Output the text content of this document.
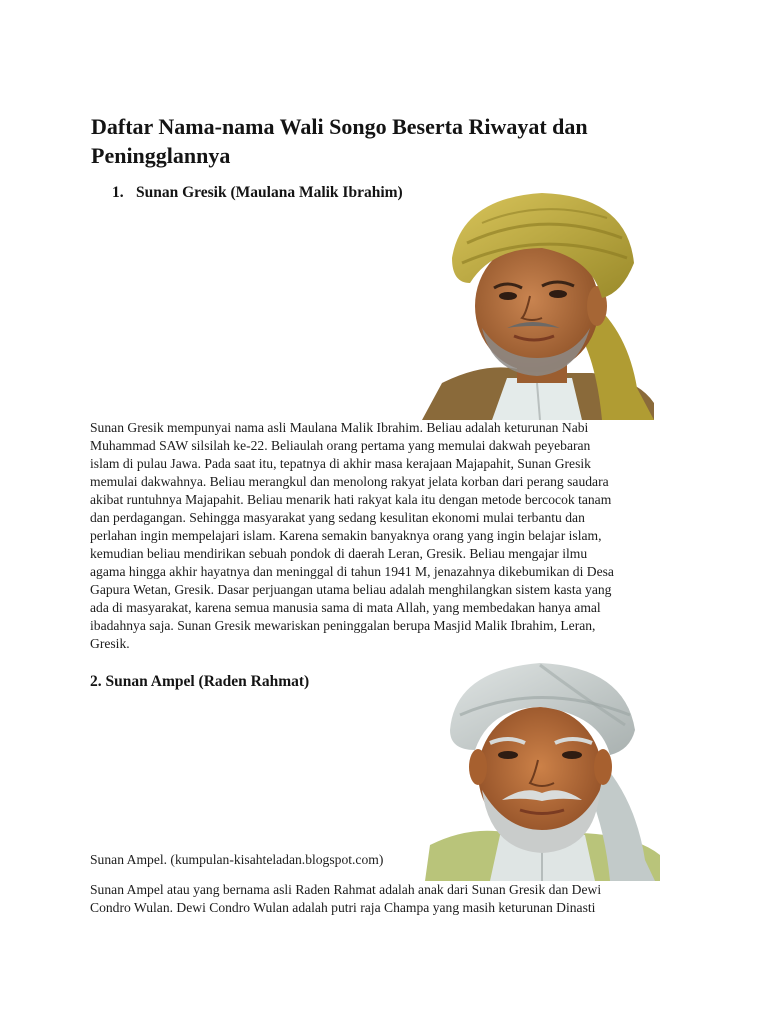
Daftar Nama-nama Wali Songo Beserta Riwayat dan
Peningglannya
1. Sunan Gresik (Maulana Malik Ibrahim)

Sunan Gresik mempunyai nama asli Maulana Malik Ibrahim. Beliau adalah keturunan Nabi
Muhammad SAW silsilah ke-22. Beliaulah orang pertama yang memulai dakwah peyebaran
islam di pulau Jawa. Pada saat itu, tepatnya di akhir masa kerajaan Majapahit, Sunan Gresik
memulai dakwahnya. Beliau merangkul dan menolong rakyat jelata korban dari perang saudara
akibat runtuhnya Majapahit. Beliau menarik hati rakyat kala itu dengan metode bercocok tanam
dan perdagangan. Sehingga masyarakat yang sedang kesulitan ekonomi mulai terbantu dan
perlahan ingin mempelajari islam. Karena semakin banyaknya orang yang ingin belajar islam,
kemudian beliau mendirikan sebuah pondok di daerah Leran, Gresik. Beliau mengajar ilmu
agama hingga akhir hayatnya dan meninggal di tahun 1941 M, jenazahnya dikebumikan di Desa
Gapura Wetan, Gresik. Dasar perjuangan utama beliau adalah menghilangkan sistem kasta yang
ada di masyarakat, karena semua manusia sama di mata Allah, yang membedakan hanya amal
ibadahnya saja. Sunan Gresik mewariskan peninggalan berupa Masjid Malik Ibrahim, Leran,
Gresik.

2. Sunan Ampel (Raden Rahmat)
Sunan Ampel. (kumpulan-kisahteladan.blogspot.com)

Sunan Ampel atau yang bernama asli Raden Rahmat adalah anak dari Sunan Gresik dan Dewi
Condro Wulan. Dewi Condro Wulan adalah putri raja Champa yang masih keturunan Dinasti
